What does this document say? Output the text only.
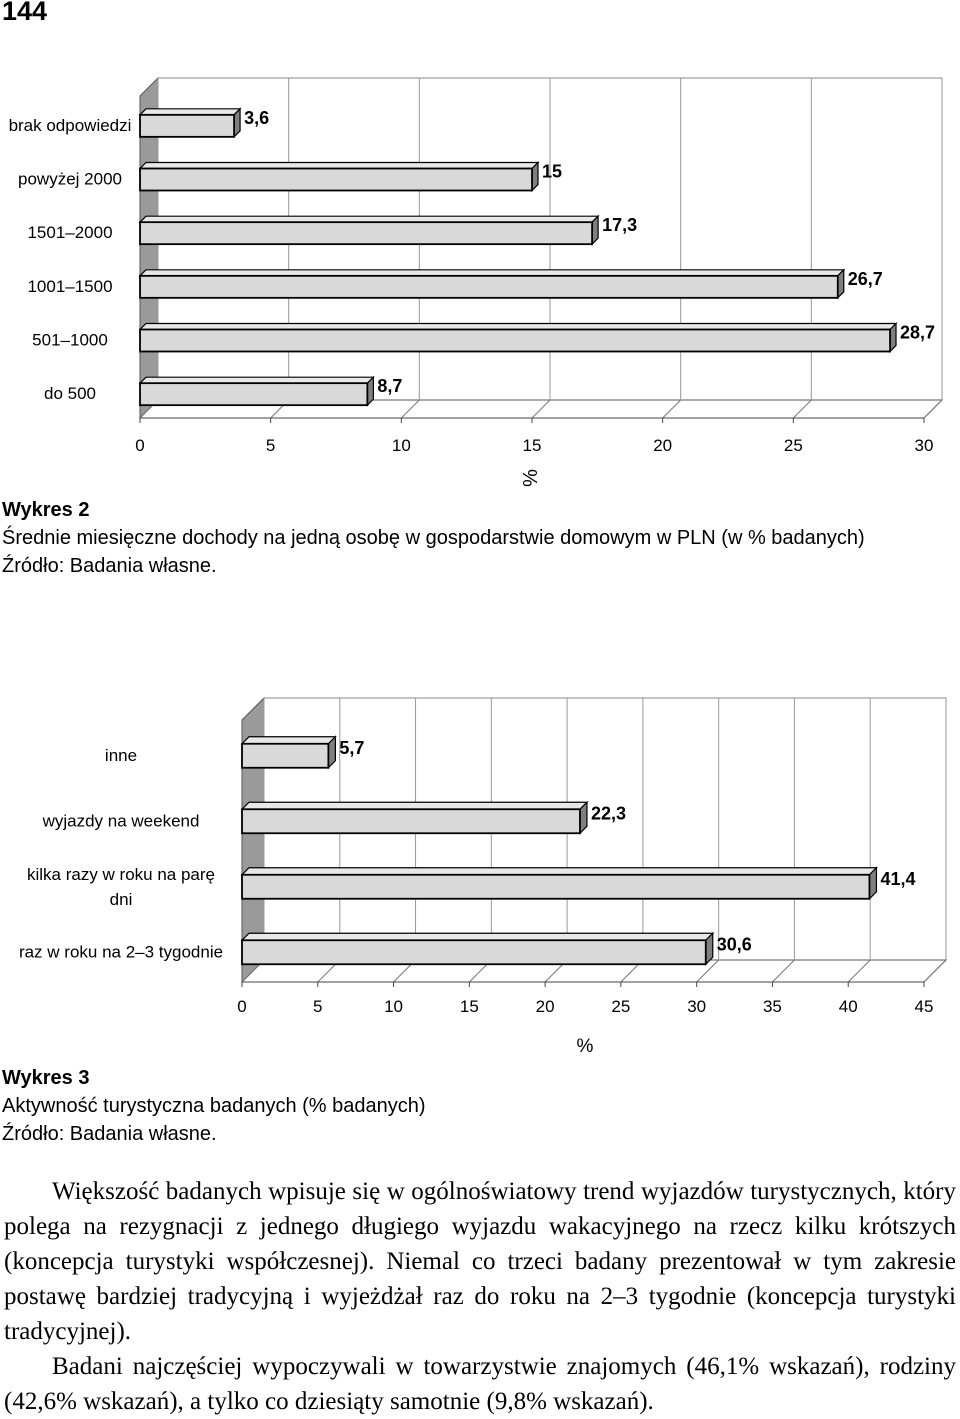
144
0	5	10	15	20	25	30
3,6
brak odpowiedzi
15
powyżej 2000
17,3
1501–2000
26,7
1001–1500
28,7
501–1000
8,7
do 500
%
Wykres 2
Średnie miesięczne dochody na jedną osobę w gospodarstwie domowym w PLN (w % badanych)
Źródło: Badania własne.
0	5	10	15	20	25	30	35	40	45
5,7
inne
22,3
wyjazdy na weekend
41,4
kilka razy w roku na parę
dni
30,6
raz w roku na 2–3 tygodnie
%
Wykres 3
Aktywność turystyczna badanych (% badanych)
Źródło: Badania własne.

Większość badanych wpisuje się w ogólnoświatowy trend wyjazdów turystycznych, który polega na rezygnacji z jednego długiego wyjazdu wakacyjnego na rzecz kilku krótszych (koncepcja turystyki współczesnej). Niemal co trzeci badany prezentował w tym zakresie postawę bardziej tradycyjną i wyjeżdżał raz do roku na 2–3 tygodnie (koncepcja turystyki tradycyjnej).

Badani najczęściej wypoczywali w towarzystwie znajomych (46,1% wskazań), rodziny (42,6% wskazań), a tylko co dziesiąty samotnie (9,8% wskazań).
